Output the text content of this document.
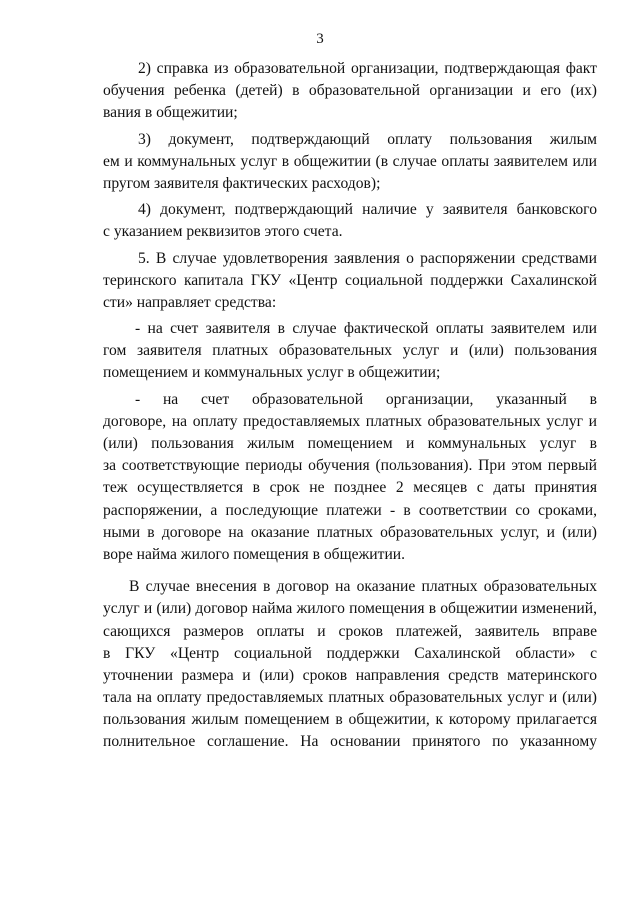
3
2) справка из образовательной организации, подтверждающая факт
обучения ребенка (детей) в образовательной организации и его (их)
вания в общежитии;
3) документ, подтверждающий оплату пользования жилым
ем и коммунальных услуг в общежитии (в случае оплаты заявителем или
пругом заявителя фактических расходов);
4) документ, подтверждающий наличие у заявителя банковского
с указанием реквизитов этого счета.
5. В случае удовлетворения заявления о распоряжении средствами
теринского капитала ГКУ «Центр социальной поддержки Сахалинской
сти» направляет средства:
- на счет заявителя в случае фактической оплаты заявителем или
гом заявителя платных образовательных услуг и (или) пользования
помещением и коммунальных услуг в общежитии;
- на счет образовательной организации, указанный в
договоре, на оплату предоставляемых платных образовательных услуг и
(или) пользования жилым помещением и коммунальных услуг в
за соответствующие периоды обучения (пользования). При этом первый
теж осуществляется в срок не позднее 2 месяцев с даты принятия
распоряжении, а последующие платежи - в соответствии со сроками,
ными в договоре на оказание платных образовательных услуг, и (или)
воре найма жилого помещения в общежитии.
В случае внесения в договор на оказание платных образовательных
услуг и (или) договор найма жилого помещения в общежитии изменений,
сающихся размеров оплаты и сроков платежей, заявитель вправе
в ГКУ «Центр социальной поддержки Сахалинской области» с
уточнении размера и (или) сроков направления средств материнского
тала на оплату предоставляемых платных образовательных услуг и (или)
пользования жилым помещением в общежитии, к которому прилагается
полнительное соглашение. На основании принятого по указанному
